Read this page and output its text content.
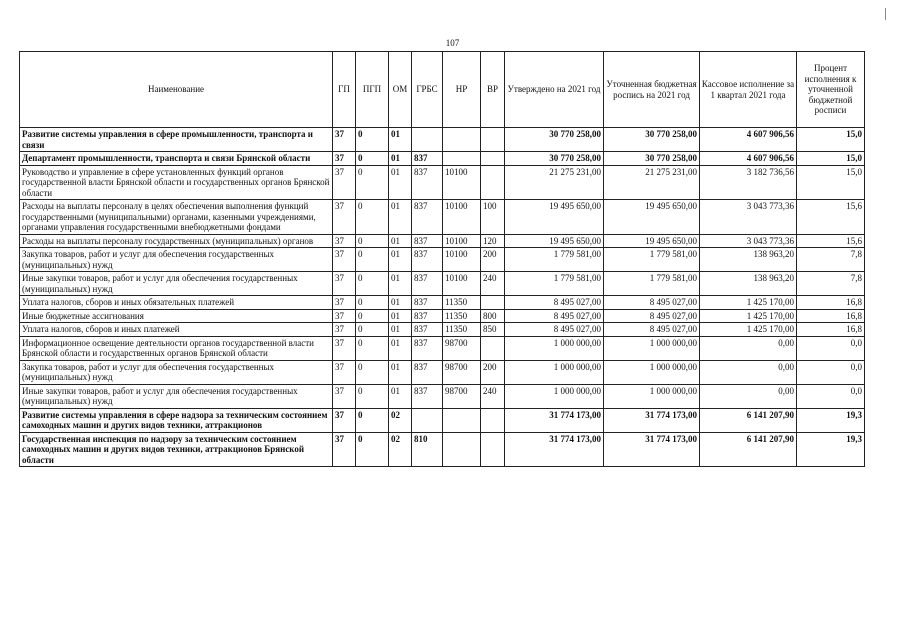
107
Наименование	ГП	ПГП	ОМ	ГРБС	НР	ВР	Утверждено на 2021 год	Уточненная бюджетная роспись на 2021 год	Кассовое исполнение за 1 квартал 2021 года	Процент исполнения к уточненной бюджетной росписи
Развитие системы управления в сфере промышленности, транспорта и связи	37	0	01				30 770 258,00	30 770 258,00	4 607 906,56	15,0
Департамент промышленности, транспорта и связи Брянской области	37	0	01	837			30 770 258,00	30 770 258,00	4 607 906,56	15,0
Руководство и управление в сфере установленных функций органов государственной власти Брянской области и государственных органов Брянской области	37	0	01	837	10100		21 275 231,00	21 275 231,00	3 182 736,56	15,0
Расходы на выплаты персоналу в целях обеспечения выполнения функций государственными (муниципальными) органами, казенными учреждениями, органами управления государственными внебюджетными фондами	37	0	01	837	10100	100	19 495 650,00	19 495 650,00	3 043 773,36	15,6
Расходы на выплаты персоналу государственных (муниципальных) органов	37	0	01	837	10100	120	19 495 650,00	19 495 650,00	3 043 773,36	15,6
Закупка товаров, работ и услуг для обеспечения государственных (муниципальных) нужд	37	0	01	837	10100	200	1 779 581,00	1 779 581,00	138 963,20	7,8
Иные закупки товаров, работ и услуг для обеспечения государственных (муниципальных) нужд	37	0	01	837	10100	240	1 779 581,00	1 779 581,00	138 963,20	7,8
Уплата налогов, сборов и иных обязательных платежей	37	0	01	837	11350		8 495 027,00	8 495 027,00	1 425 170,00	16,8
Иные бюджетные ассигнования	37	0	01	837	11350	800	8 495 027,00	8 495 027,00	1 425 170,00	16,8
Уплата налогов, сборов и иных платежей	37	0	01	837	11350	850	8 495 027,00	8 495 027,00	1 425 170,00	16,8
Информационное освещение деятельности органов государственной власти Брянской области и государственных органов Брянской области	37	0	01	837	98700		1 000 000,00	1 000 000,00	0,00	0,0
Закупка товаров, работ и услуг для обеспечения государственных (муниципальных) нужд	37	0	01	837	98700	200	1 000 000,00	1 000 000,00	0,00	0,0
Иные закупки товаров, работ и услуг для обеспечения государственных (муниципальных) нужд	37	0	01	837	98700	240	1 000 000,00	1 000 000,00	0,00	0,0
Развитие системы управления в сфере надзора за техническим состоянием самоходных машин и других видов техники, аттракционов	37	0	02				31 774 173,00	31 774 173,00	6 141 207,90	19,3
Государственная инспекция по надзору за техническим состоянием самоходных машин и других видов техники, аттракционов Брянской области	37	0	02	810			31 774 173,00	31 774 173,00	6 141 207,90	19,3
